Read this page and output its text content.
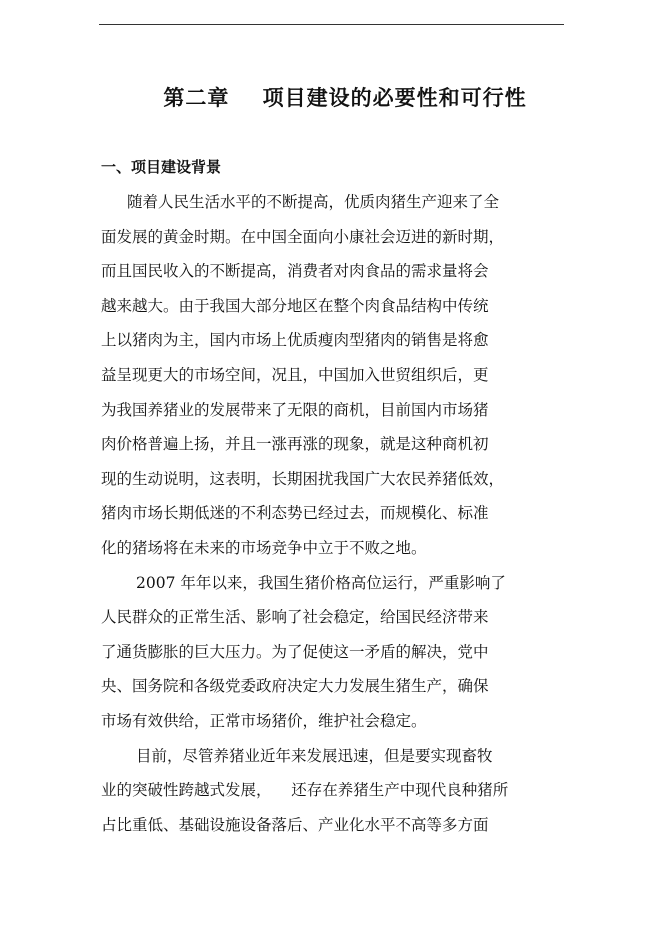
第二章    项目建设的必要性和可行性
一、项目建设背景

随着人民生活水平的不断提高，优质肉猪生产迎来了全

面发展的黄金时期。在中国全面向小康社会迈进的新时期，

而且国民收入的不断提高，消费者对肉食品的需求量将会

越来越大。由于我国大部分地区在整个肉食品结构中传统

上以猪肉为主，国内市场上优质瘦肉型猪肉的销售是将愈

益呈现更大的市场空间，况且，中国加入世贸组织后，更

为我国养猪业的发展带来了无限的商机，目前国内市场猪

肉价格普遍上扬，并且一涨再涨的现象，就是这种商机初

现的生动说明，这表明，长期困扰我国广大农民养猪低效，

猪肉市场长期低迷的不利态势已经过去，而规模化、标准

化的猪场将在未来的市场竞争中立于不败之地。

2007 年年以来，我国生猪价格高位运行，严重影响了

人民群众的正常生活、影响了社会稳定，给国民经济带来

了通货膨胀的巨大压力。为了促使这一矛盾的解决，党中

央、国务院和各级党委政府决定大力发展生猪生产，确保

市场有效供给，正常市场猪价，维护社会稳定。

目前，尽管养猪业近年来发展迅速，但是要实现畜牧

业的突破性跨越式发展，    还存在养猪生产中现代良种猪所

占比重低、基础设施设备落后、产业化水平不高等多方面
